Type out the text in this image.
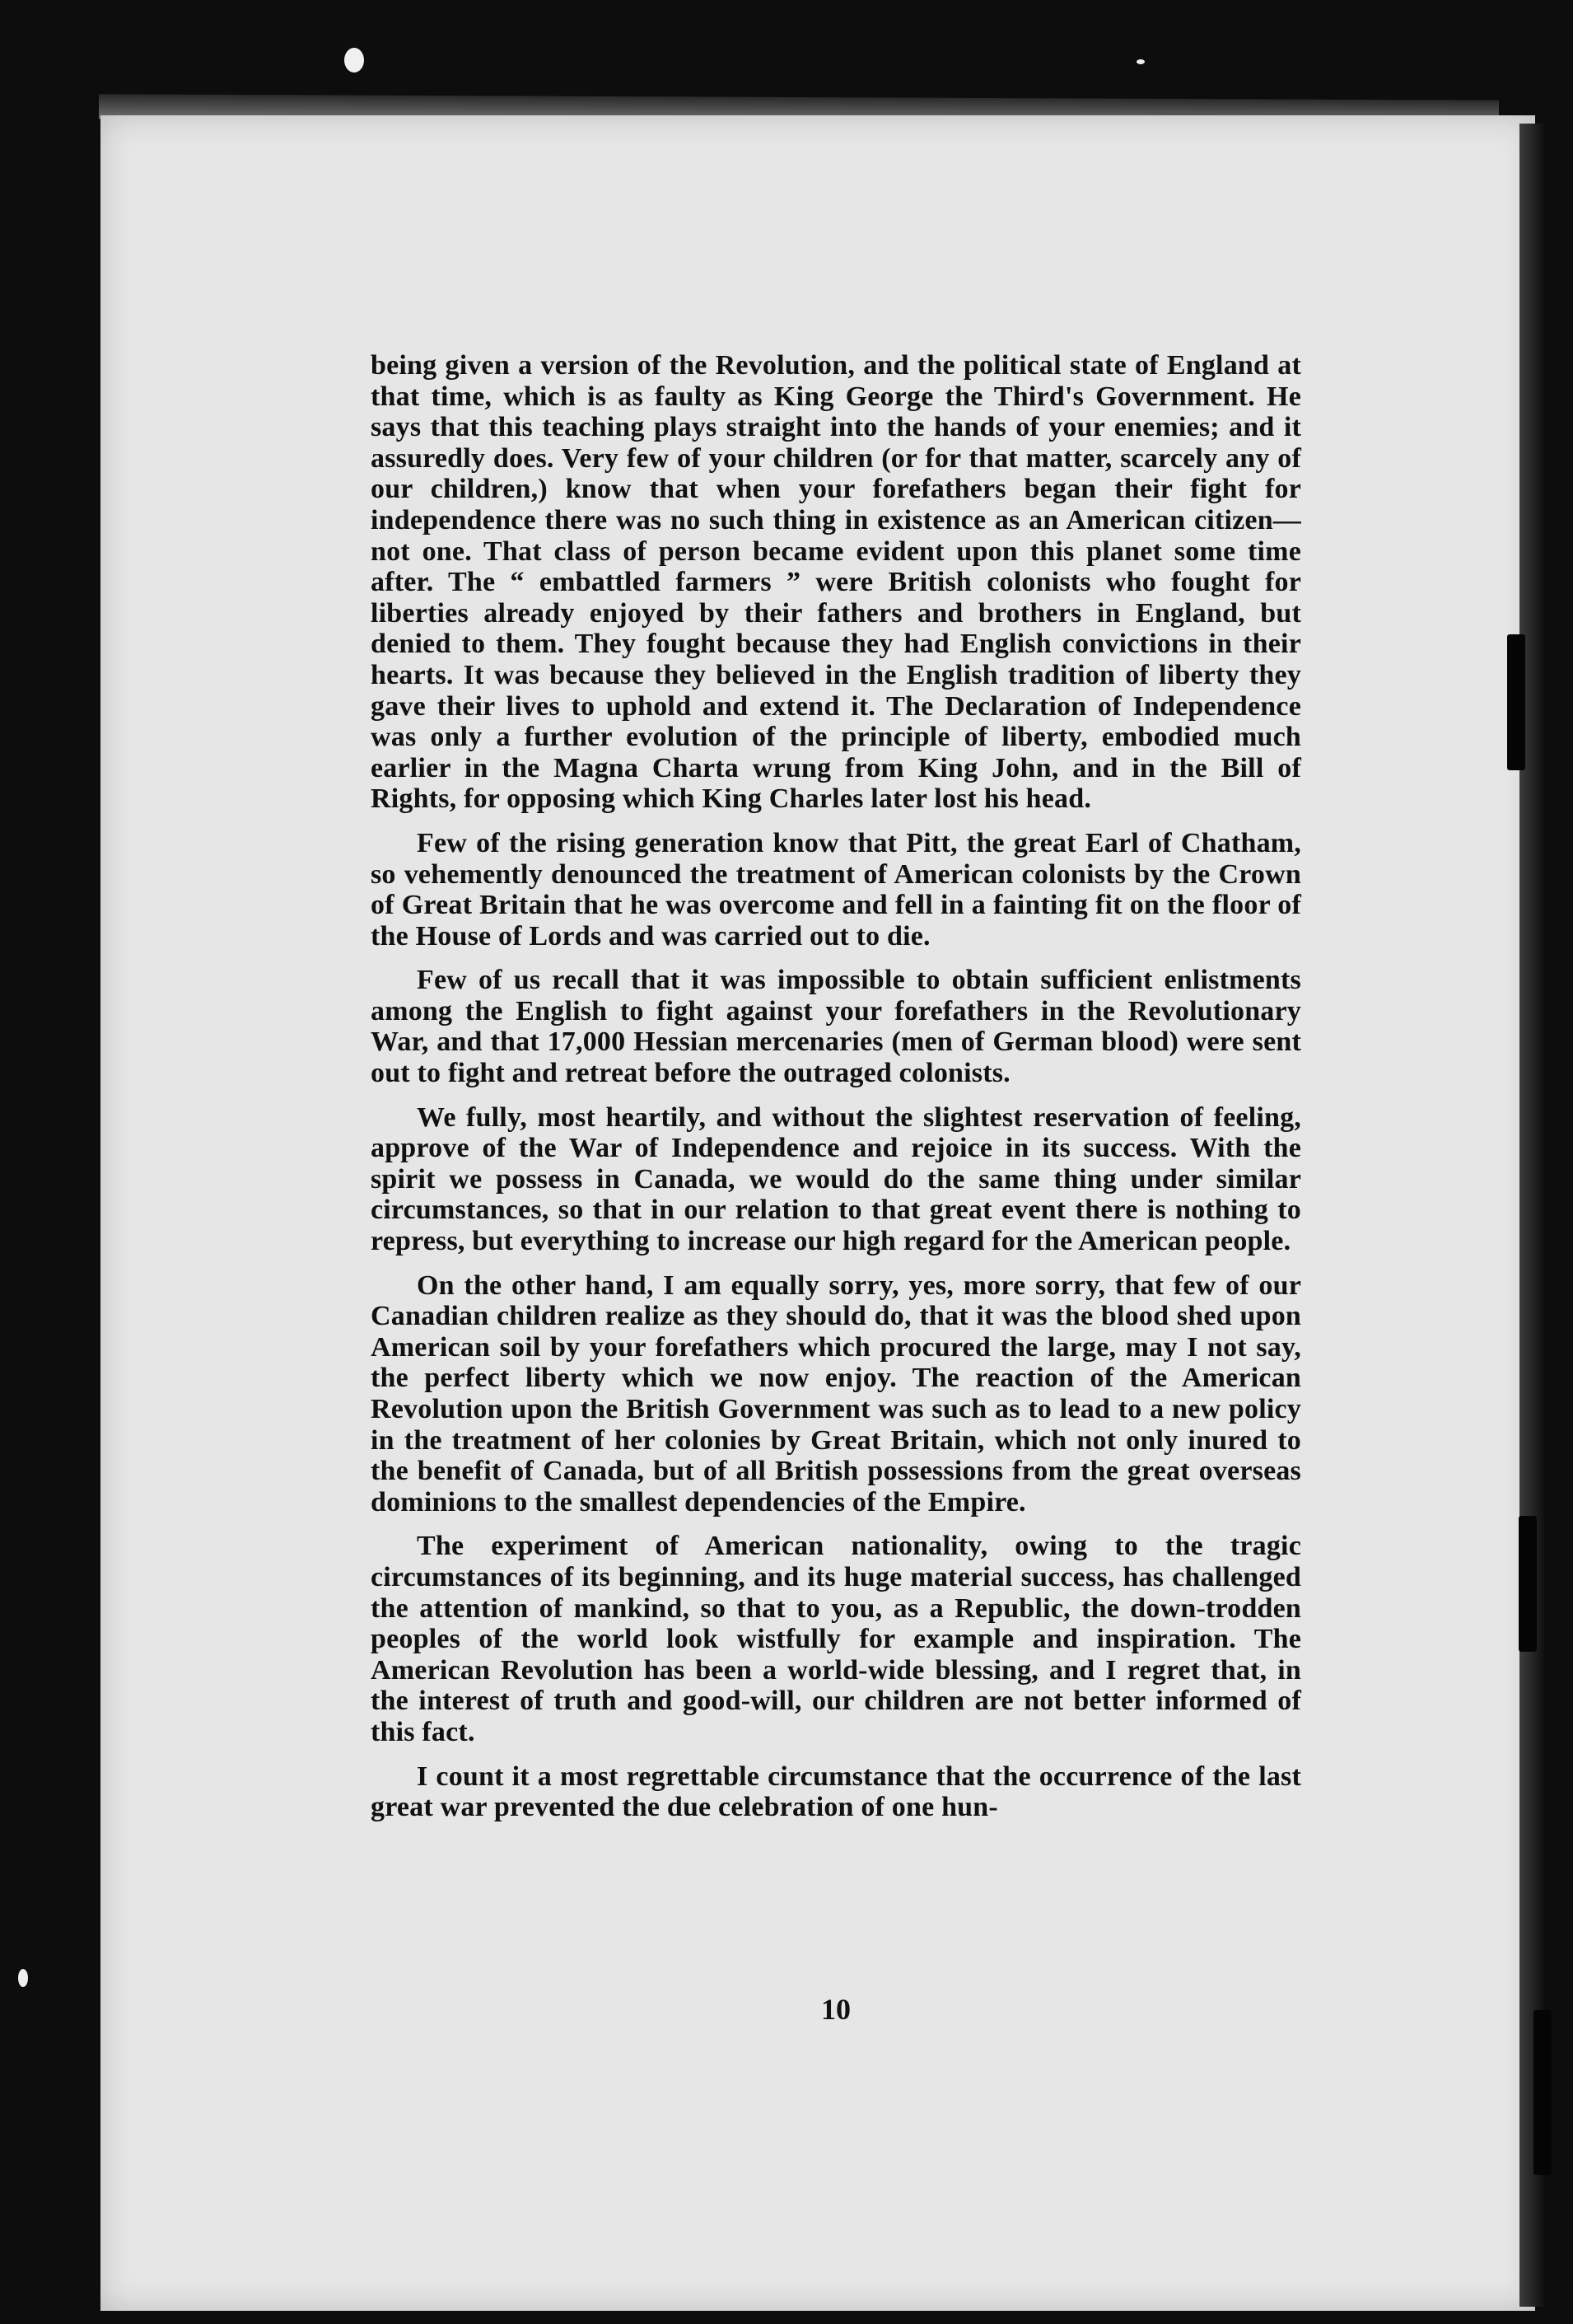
being given a version of the Revolution, and the political state of England at that time, which is as faulty as King George the Third's Government. He says that this teaching plays straight into the hands of your enemies; and it assuredly does. Very few of your children (or for that matter, scarcely any of our children,) know that when your forefathers began their fight for independence there was no such thing in existence as an American citizen—not one. That class of person became evident upon this planet some time after. The “ embattled farmers ” were British colonists who fought for liberties already enjoyed by their fathers and brothers in England, but denied to them. They fought because they had English convictions in their hearts. It was because they believed in the English tradition of liberty they gave their lives to uphold and extend it. The Declaration of Independence was only a further evolution of the principle of liberty, embodied much earlier in the Magna Charta wrung from King John, and in the Bill of Rights, for opposing which King Charles later lost his head.

Few of the rising generation know that Pitt, the great Earl of Chatham, so vehemently denounced the treatment of American colonists by the Crown of Great Britain that he was overcome and fell in a fainting fit on the floor of the House of Lords and was carried out to die.

Few of us recall that it was impossible to obtain sufficient enlistments among the English to fight against your forefathers in the Revolutionary War, and that 17,000 Hessian mercenaries (men of German blood) were sent out to fight and retreat before the outraged colonists.

We fully, most heartily, and without the slightest reservation of feeling, approve of the War of Independence and rejoice in its success. With the spirit we possess in Canada, we would do the same thing under similar circumstances, so that in our relation to that great event there is nothing to repress, but everything to increase our high regard for the American people.

On the other hand, I am equally sorry, yes, more sorry, that few of our Canadian children realize as they should do, that it was the blood shed upon American soil by your forefathers which procured the large, may I not say, the perfect liberty which we now enjoy. The reaction of the American Revolution upon the British Government was such as to lead to a new policy in the treatment of her colonies by Great Britain, which not only inured to the benefit of Canada, but of all British possessions from the great overseas dominions to the smallest dependencies of the Empire.

The experiment of American nationality, owing to the tragic circumstances of its beginning, and its huge material success, has challenged the attention of mankind, so that to you, as a Republic, the down-trodden peoples of the world look wistfully for example and inspiration. The American Revolution has been a world-wide blessing, and I regret that, in the interest of truth and good-will, our children are not better informed of this fact.

I count it a most regrettable circumstance that the occurrence of the last great war prevented the due celebration of one hun-

10
